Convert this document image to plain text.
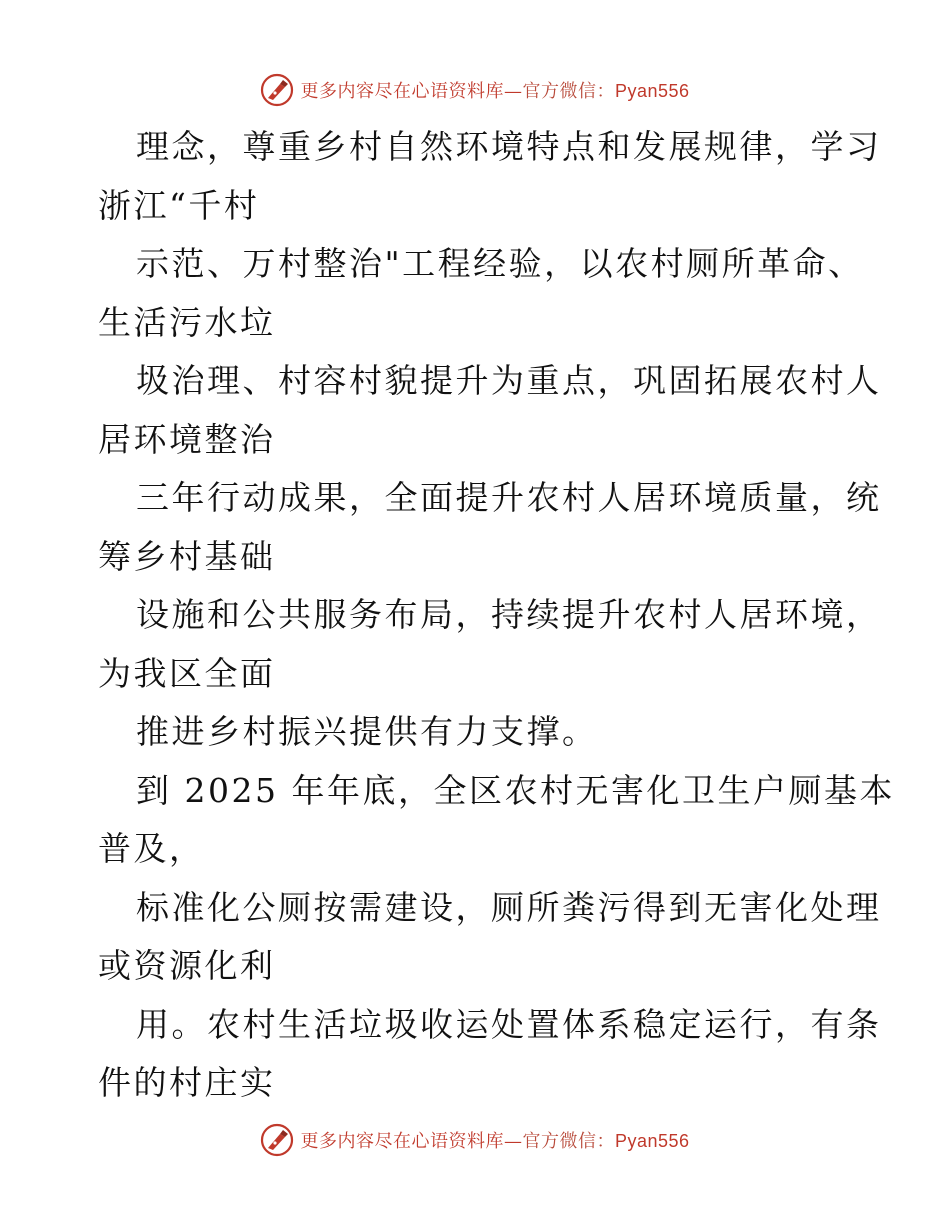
更多内容尽在心语资料库—官方微信：Pyan556
理念，尊重乡村自然环境特点和发展规律，学习
浙江“千村
示范、万村整治"工程经验，以农村厕所革命、
生活污水垃
圾治理、村容村貌提升为重点，巩固拓展农村人
居环境整治
三年行动成果，全面提升农村人居环境质量，统
筹乡村基础
设施和公共服务布局，持续提升农村人居环境，
为我区全面
推进乡村振兴提供有力支撑。
到 2025 年年底，全区农村无害化卫生户厕基本
普及，
标准化公厕按需建设，厕所粪污得到无害化处理
或资源化利
用。农村生活垃圾收运处置体系稳定运行，有条
件的村庄实
更多内容尽在心语资料库—官方微信：Pyan556
